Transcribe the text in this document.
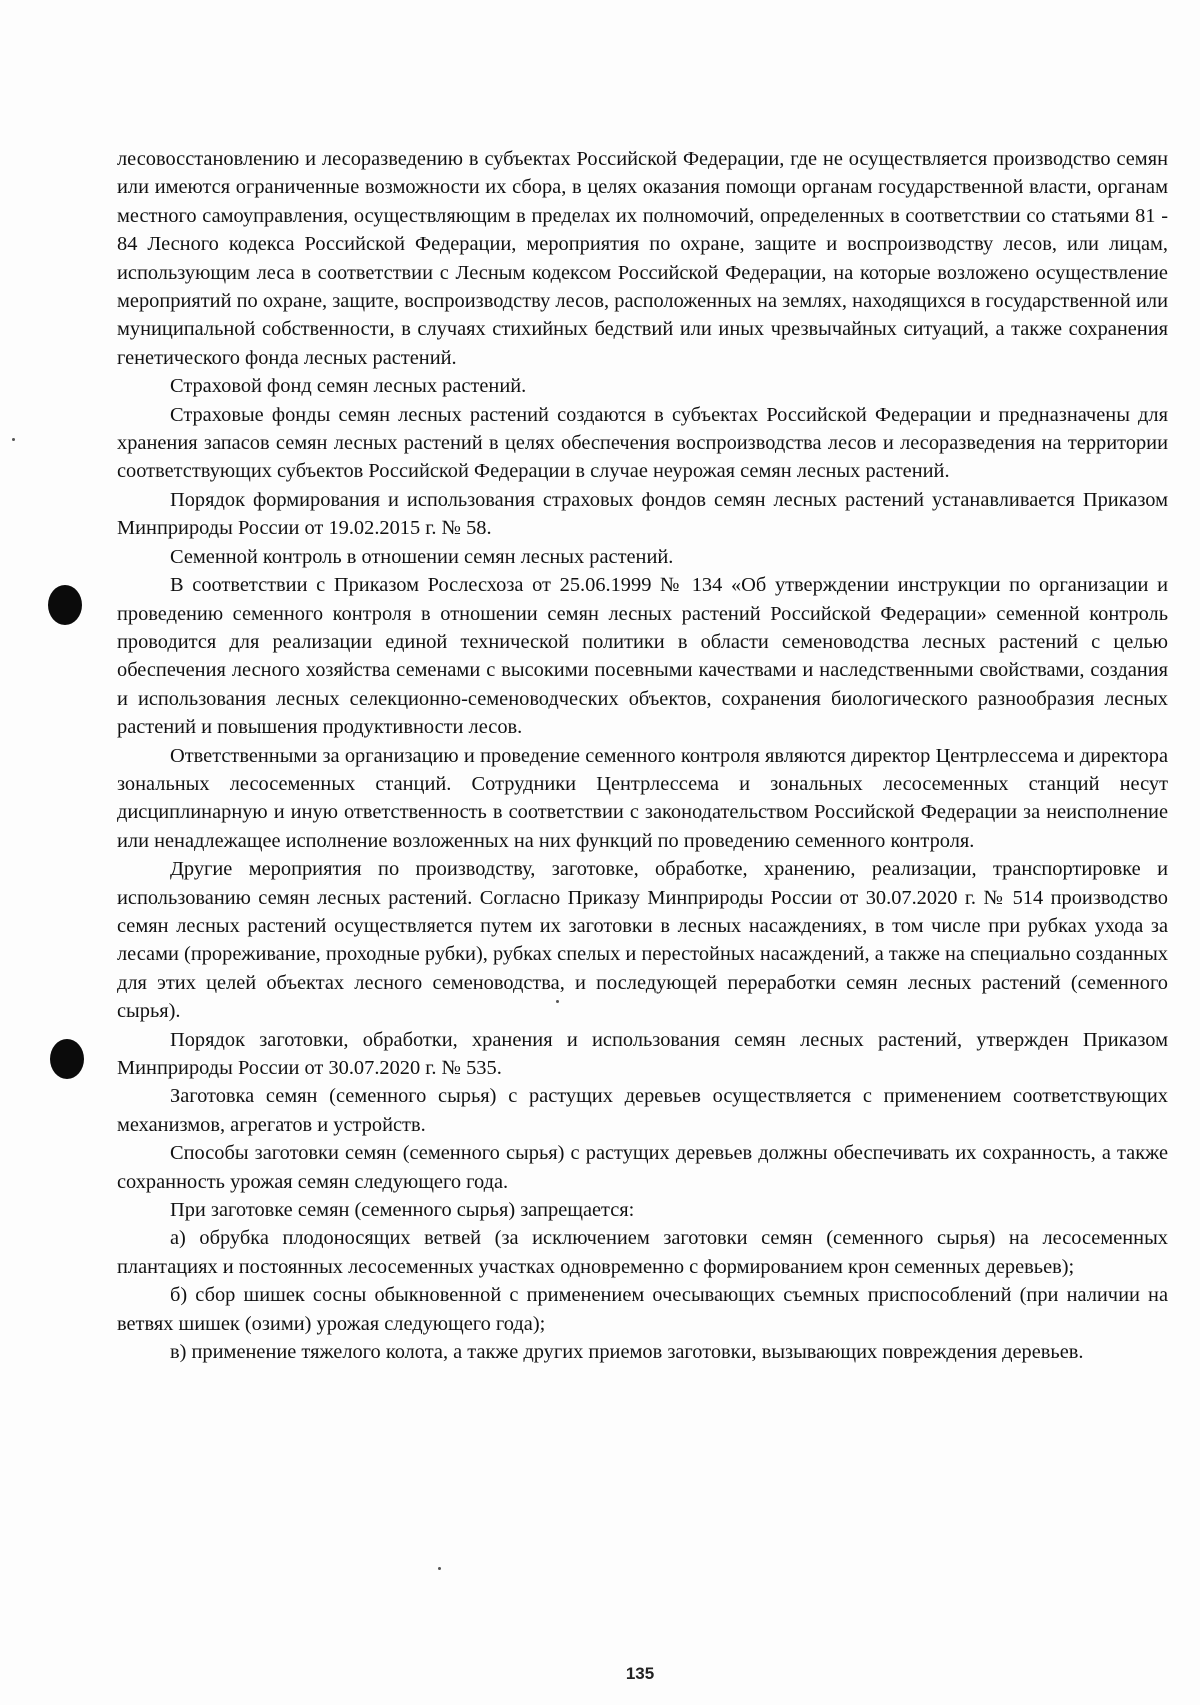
лесовосстановлению и лесоразведению в субъектах Российской Федерации, где не осуществляется производство семян или имеются ограниченные возможности их сбора, в целях оказания помощи органам государственной власти, органам местного самоуправления, осуществляющим в пределах их полномочий, определенных в соответствии со статьями 81 - 84 Лесного кодекса Российской Федерации, мероприятия по охране, защите и воспроизводству лесов, или лицам, использующим леса в соответствии с Лесным кодексом Российской Федерации, на которые возложено осуществление мероприятий по охране, защите, воспроизводству лесов, расположенных на землях, находящихся в государственной или муниципальной собственности, в случаях стихийных бедствий или иных чрезвычайных ситуаций, а также сохранения генетического фонда лесных растений.

Страховой фонд семян лесных растений.

Страховые фонды семян лесных растений создаются в субъектах Российской Федерации и предназначены для хранения запасов семян лесных растений в целях обеспечения воспроизводства лесов и лесоразведения на территории соответствующих субъектов Российской Федерации в случае неурожая семян лесных растений.

Порядок формирования и использования страховых фондов семян лесных растений устанавливается Приказом Минприроды России от 19.02.2015 г. № 58.

Семенной контроль в отношении семян лесных растений.

В соответствии с Приказом Рослесхоза от 25.06.1999 № 134 «Об утверждении инструкции по организации и проведению семенного контроля в отношении семян лесных растений Российской Федерации» семенной контроль проводится для реализации единой технической политики в области семеноводства лесных растений с целью обеспечения лесного хозяйства семенами с высокими посевными качествами и наследственными свойствами, создания и использования лесных селекционно-семеноводческих объектов, сохранения биологического разнообразия лесных растений и повышения продуктивности лесов.

Ответственными за организацию и проведение семенного контроля являются директор Центрлессема и директора зональных лесосеменных станций. Сотрудники Центрлессема и зональных лесосеменных станций несут дисциплинарную и иную ответственность в соответствии с законодательством Российской Федерации за неисполнение или ненадлежащее исполнение возложенных на них функций по проведению семенного контроля.

Другие мероприятия по производству, заготовке, обработке, хранению, реализации, транспортировке и использованию семян лесных растений. Согласно Приказу Минприроды России от 30.07.2020 г. № 514 производство семян лесных растений осуществляется путем их заготовки в лесных насаждениях, в том числе при рубках ухода за лесами (прореживание, проходные рубки), рубках спелых и перестойных насаждений, а также на специально созданных для этих целей объектах лесного семеноводства, и последующей переработки семян лесных растений (семенного сырья).

Порядок заготовки, обработки, хранения и использования семян лесных растений, утвержден Приказом Минприроды России от 30.07.2020 г. № 535.

Заготовка семян (семенного сырья) с растущих деревьев осуществляется с применением соответствующих механизмов, агрегатов и устройств.

Способы заготовки семян (семенного сырья) с растущих деревьев должны обеспечивать их сохранность, а также сохранность урожая семян следующего года.

При заготовке семян (семенного сырья) запрещается:

а) обрубка плодоносящих ветвей (за исключением заготовки семян (семенного сырья) на лесосеменных плантациях и постоянных лесосеменных участках одновременно с формированием крон семенных деревьев);

б) сбор шишек сосны обыкновенной с применением очесывающих съемных приспособлений (при наличии на ветвях шишек (озими) урожая следующего года);

в) применение тяжелого колота, а также других приемов заготовки, вызывающих повреждения деревьев.

135
